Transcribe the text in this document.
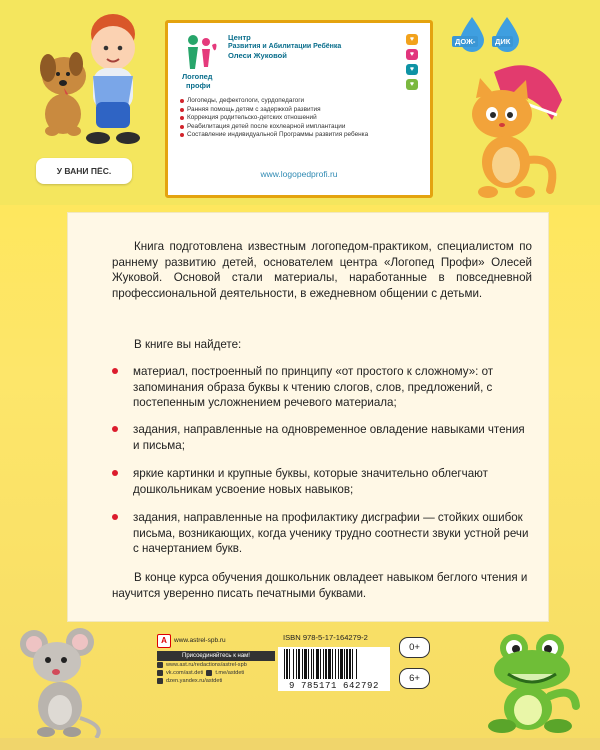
ДОЖ-	ДИК
У ВАНИ ПЁС.
Логопед
профи
Центр
Развития и Абилитации Ребёнка
Олеси Жуковой
♥
♥
♥
♥
Логопеды, дефектологи, сурдопедагоги
Ранняя помощь детям с задержкой развития
Коррекция родительско-детских отношений
Реабилитация детей после кохлеарной имплантации
Составление индивидуальной Программы развития ребенка
www.logopedprofi.ru

Книга подготовлена известным логопедом-практиком, специалистом по раннему развитию детей, основателем центра «Логопед Профи» Олесей Жуковой. Основой стали материалы, наработанные в повседневной профессиональной деятельности, в ежедневном общении с детьми.

В книге вы найдете:

материал, построенный по принципу «от простого к сложному»: от запоминания образа буквы к чтению слогов, слов, предложений, с постепенным усложнением речевого материала;

задания, направленные на одновременное овладение навыками чтения и письма;

яркие картинки и крупные буквы, которые значительно облегчают дошкольникам усвоение новых навыков;

задания, направленные на профилактику дисграфии — стойких ошибок письма, возникающих, когда ученику трудно соотнести звуки устной речи с начертанием букв.

В конце курса обучения дошкольник овладеет навыком беглого чтения и научится уверенно писать печатными буквами.

A	www.astrel-spb.ru
Присоединяйтесь к нам!
www.ast.ru/redactions/astrel-spb
vk.com/ast.deti t.me/astdeti
dzen.yandex.ru/astdeti
ISBN 978-5-17-164279-2
9 785171 642792
0+
6+
